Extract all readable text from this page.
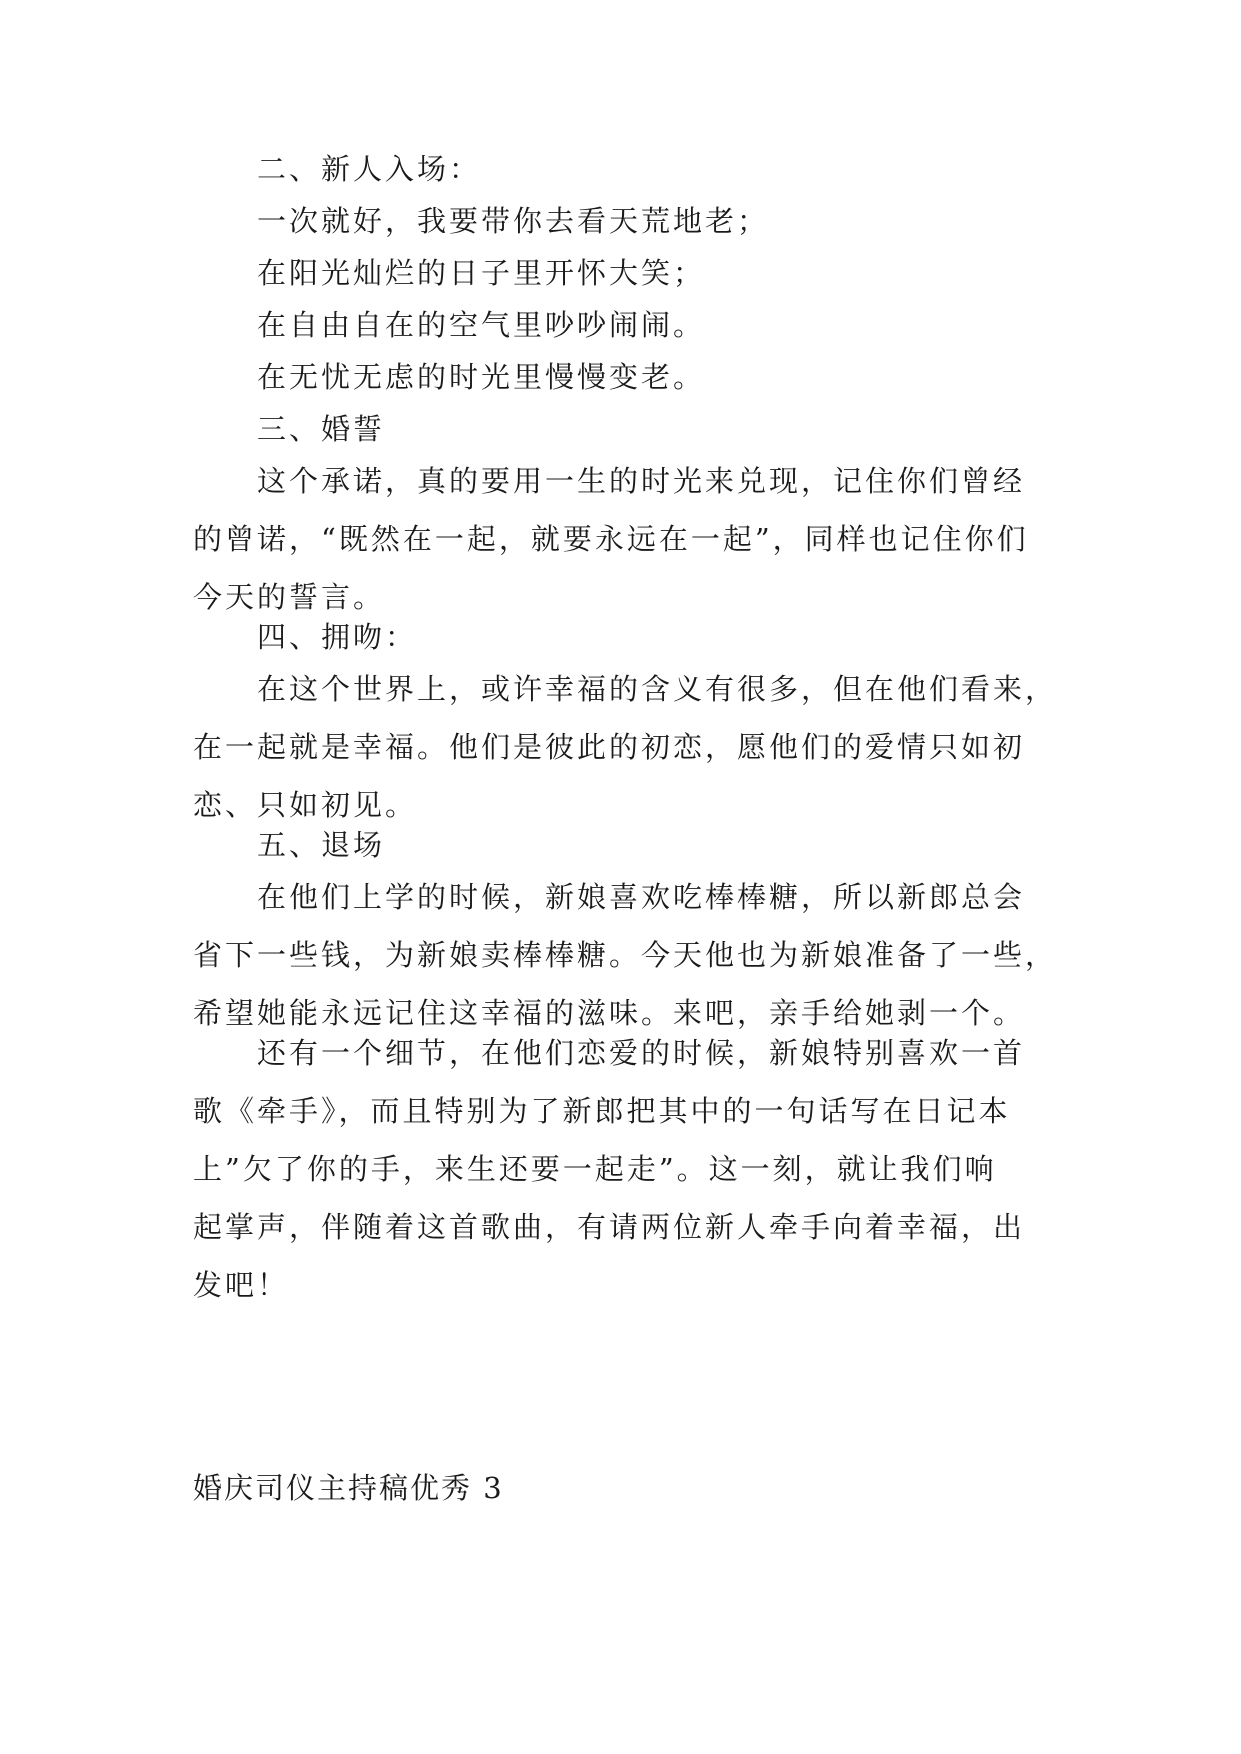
二、新人入场：
一次就好，我要带你去看天荒地老；
在阳光灿烂的日子里开怀大笑；
在自由自在的空气里吵吵闹闹。
在无忧无虑的时光里慢慢变老。
三、婚誓
这个承诺，真的要用一生的时光来兑现，记住你们曾经
的曾诺，“既然在一起，就要永远在一起”，同样也记住你们
今天的誓言。
四、拥吻：
在这个世界上，或许幸福的含义有很多，但在他们看来，
在一起就是幸福。他们是彼此的初恋，愿他们的爱情只如初
恋、只如初见。
五、退场
在他们上学的时候，新娘喜欢吃棒棒糖，所以新郎总会
省下一些钱，为新娘卖棒棒糖。今天他也为新娘准备了一些，
希望她能永远记住这幸福的滋味。来吧，亲手给她剥一个。
还有一个细节，在他们恋爱的时候，新娘特别喜欢一首
歌《牵手》，而且特别为了新郎把其中的一句话写在日记本
上”欠了你的手，来生还要一起走”。这一刻，就让我们响
起掌声，伴随着这首歌曲，有请两位新人牵手向着幸福，出
发吧！
婚庆司仪主持稿优秀 3
